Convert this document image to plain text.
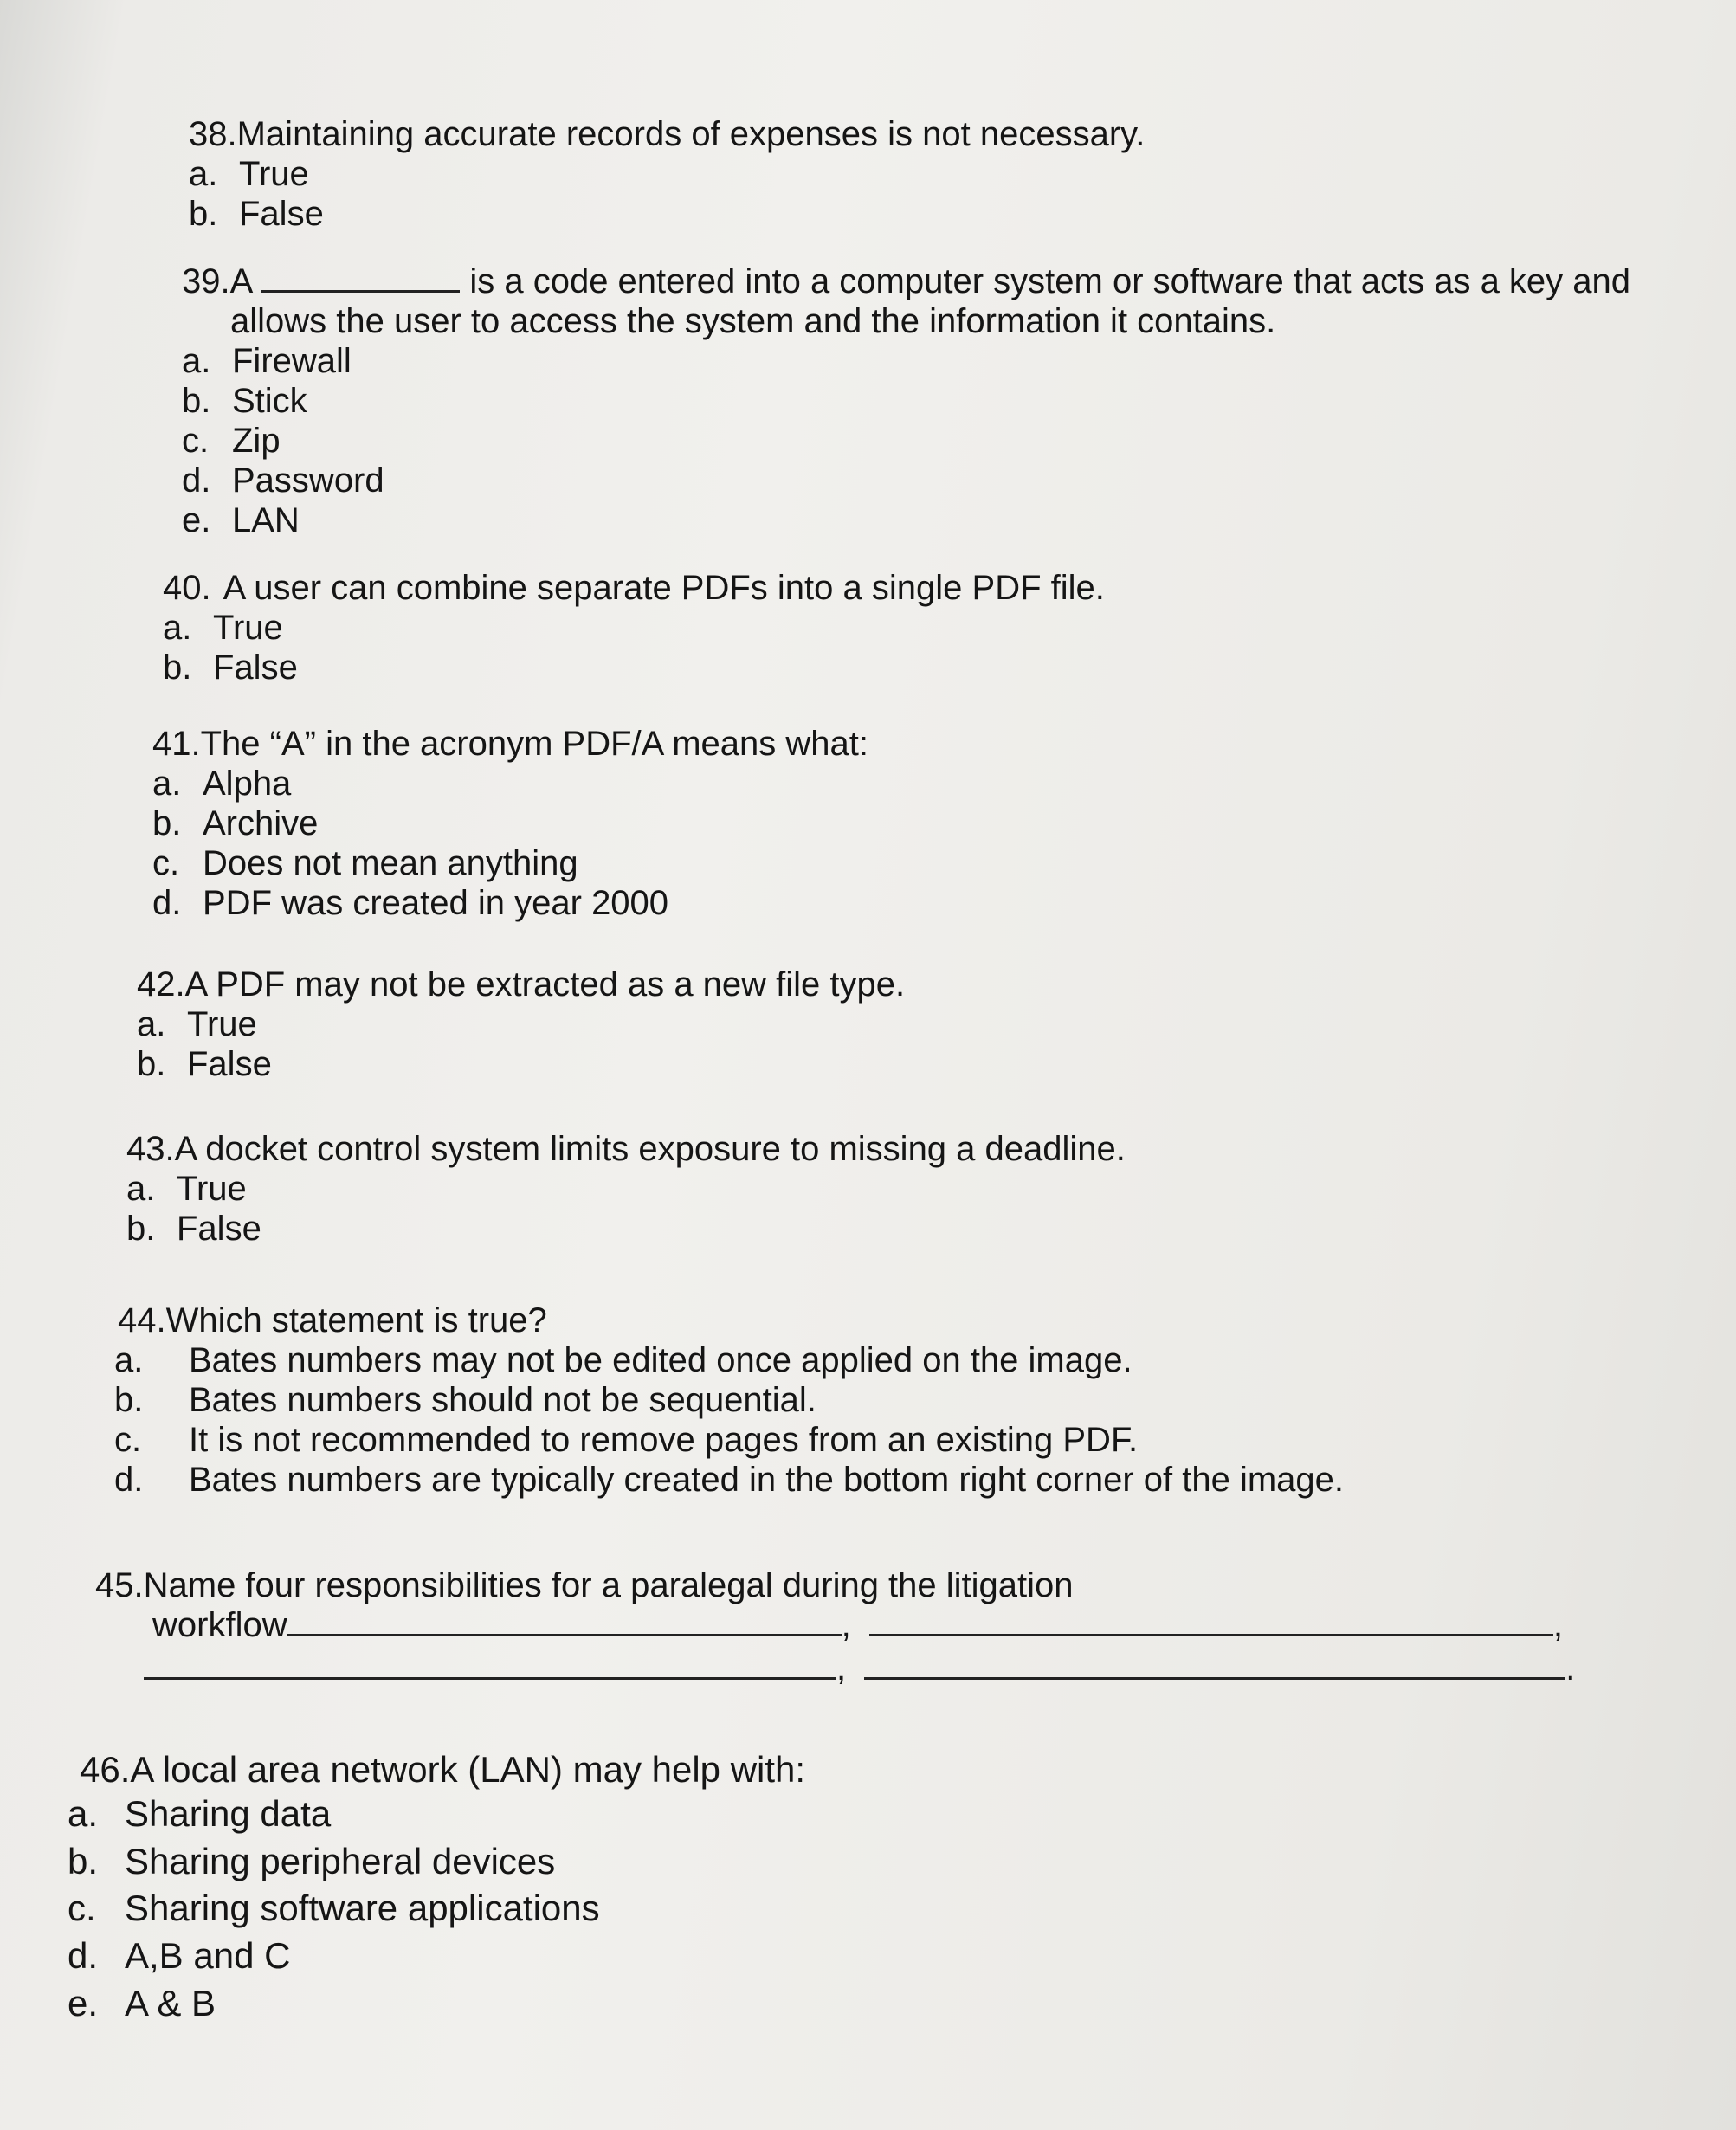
38.Maintaining accurate records of expenses is not necessary.
a. True
b. False
39.A	is a code entered into a computer system or software that acts as a key and
allows the user to access the system and the information it contains.
a. Firewall
b. Stick
c. Zip
d. Password
e. LAN
40. A user can combine separate PDFs into a single PDF file.
a. True
b. False
41.The “A” in the acronym PDF/A means what:
a. Alpha
b. Archive
c. Does not mean anything
d. PDF was created in year 2000
42.A PDF may not be extracted as a new file type.
a. True
b. False
43.A docket control system limits exposure to missing a deadline.
a. True
b. False
44.Which statement is true?
a. Bates numbers may not be edited once applied on the image.
b. Bates numbers should not be sequential.
c. It is not recommended to remove pages from an existing PDF.
d. Bates numbers are typically created in the bottom right corner of the image.
45.Name four responsibilities for a paralegal during the litigation
workflow	,	,
,	.
46.A local area network (LAN) may help with:
a. Sharing data
b. Sharing peripheral devices
c. Sharing software applications
d. A,B and C
e. A & B
